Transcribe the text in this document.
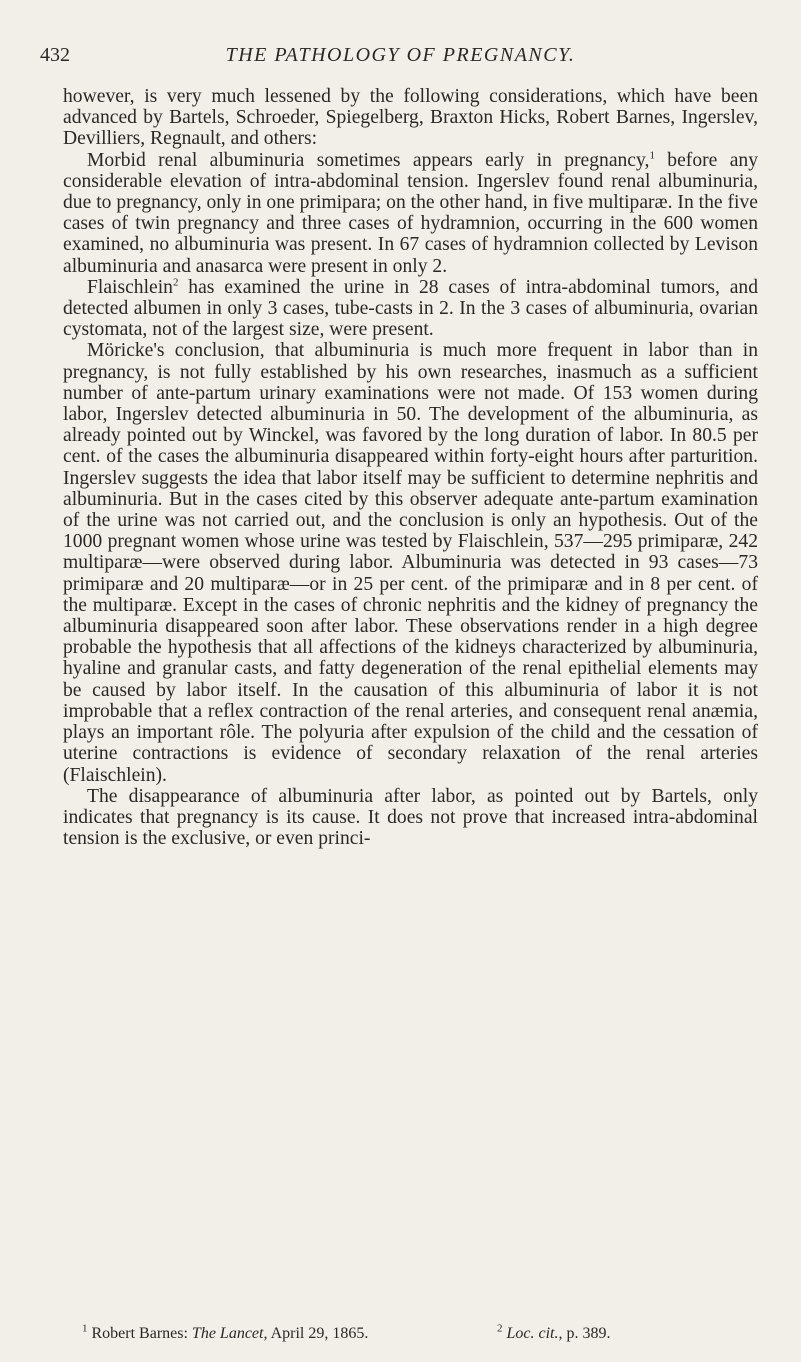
432	THE PATHOLOGY OF PREGNANCY.

however, is very much lessened by the following considerations, which have been advanced by Bartels, Schroeder, Spiegelberg, Braxton Hicks, Robert Barnes, Ingerslev, Devilliers, Regnault, and others:

Morbid renal albuminuria sometimes appears early in pregnancy,$^1$ before any considerable elevation of intra-abdominal tension. Ingerslev found renal albuminuria, due to pregnancy, only in one primipara; on the other hand, in five multiparæ. In the five cases of twin pregnancy and three cases of hydramnion, occurring in the 600 women examined, no albuminuria was present. In 67 cases of hydramnion collected by Levison albuminuria and anasarca were present in only 2.

Flaischlein$^2$ has examined the urine in 28 cases of intra-abdominal tumors, and detected albumen in only 3 cases, tube-casts in 2. In the 3 cases of albuminuria, ovarian cystomata, not of the largest size, were present.

Möricke's conclusion, that albuminuria is much more frequent in labor than in pregnancy, is not fully established by his own researches, inasmuch as a sufficient number of ante-partum urinary examinations were not made. Of 153 women during labor, Ingerslev detected albuminuria in 50. The development of the albuminuria, as already pointed out by Winckel, was favored by the long duration of labor. In 80.5 per cent. of the cases the albuminuria disappeared within forty-eight hours after parturition. Ingerslev suggests the idea that labor itself may be sufficient to determine nephritis and albuminuria. But in the cases cited by this observer adequate ante-partum examination of the urine was not carried out, and the conclusion is only an hypothesis. Out of the 1000 pregnant women whose urine was tested by Flaischlein, 537—295 primiparæ, 242 multiparæ—were observed during labor. Albuminuria was detected in 93 cases—73 primiparæ and 20 multiparæ—or in 25 per cent. of the primiparæ and in 8 per cent. of the multiparæ. Except in the cases of chronic nephritis and the kidney of pregnancy the albuminuria disappeared soon after labor. These observations render in a high degree probable the hypothesis that all affections of the kidneys characterized by albuminuria, hyaline and granular casts, and fatty degeneration of the renal epithelial elements may be caused by labor itself. In the causation of this albuminuria of labor it is not improbable that a reflex contraction of the renal arteries, and consequent renal anæmia, plays an important rôle. The polyuria after expulsion of the child and the cessation of uterine contractions is evidence of secondary relaxation of the renal arteries (Flaischlein).

The disappearance of albuminuria after labor, as pointed out by Bartels, only indicates that pregnancy is its cause. It does not prove that increased intra-abdominal tension is the exclusive, or even princi-

$^1$ Robert Barnes: The Lancet, April 29, 1865.	$^2$ Loc. cit., p. 389.
